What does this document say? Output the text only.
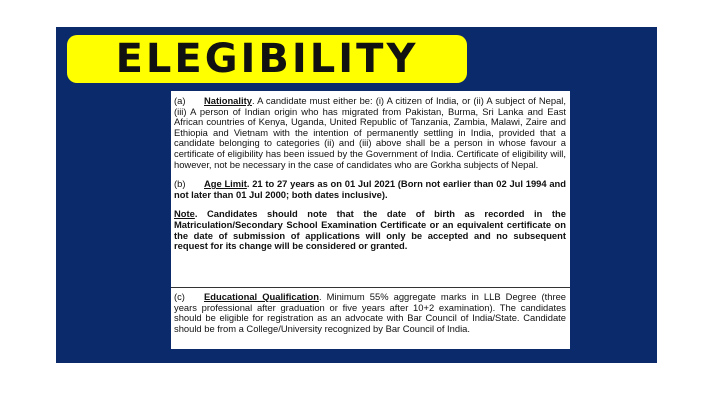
ELEGIBILITY

(a) Nationality. A candidate must either be: (i) A citizen of India, or (ii) A subject of Nepal, (iii) A person of Indian origin who has migrated from Pakistan, Burma, Sri Lanka and East African countries of Kenya, Uganda, United Republic of Tanzania, Zambia, Malawi, Zaire and Ethiopia and Vietnam with the intention of permanently settling in India, provided that a candidate belonging to categories (ii) and (iii) above shall be a person in whose favour a certificate of eligibility has been issued by the Government of India. Certificate of eligibility will, however, not be necessary in the case of candidates who are Gorkha subjects of Nepal.

(b) Age Limit. 21 to 27 years as on 01 Jul 2021 (Born not earlier than 02 Jul 1994 and not later than 01 Jul 2000; both dates inclusive).

Note. Candidates should note that the date of birth as recorded in the Matriculation/Secondary School Examination Certificate or an equivalent certificate on the date of submission of applications will only be accepted and no subsequent request for its change will be considered or granted.

(c) Educational Qualification. Minimum 55% aggregate marks in LLB Degree (three years professional after graduation or five years after 10+2 examination). The candidates should be eligible for registration as an advocate with Bar Council of India/State. Candidate should be from a College/University recognized by Bar Council of India.
